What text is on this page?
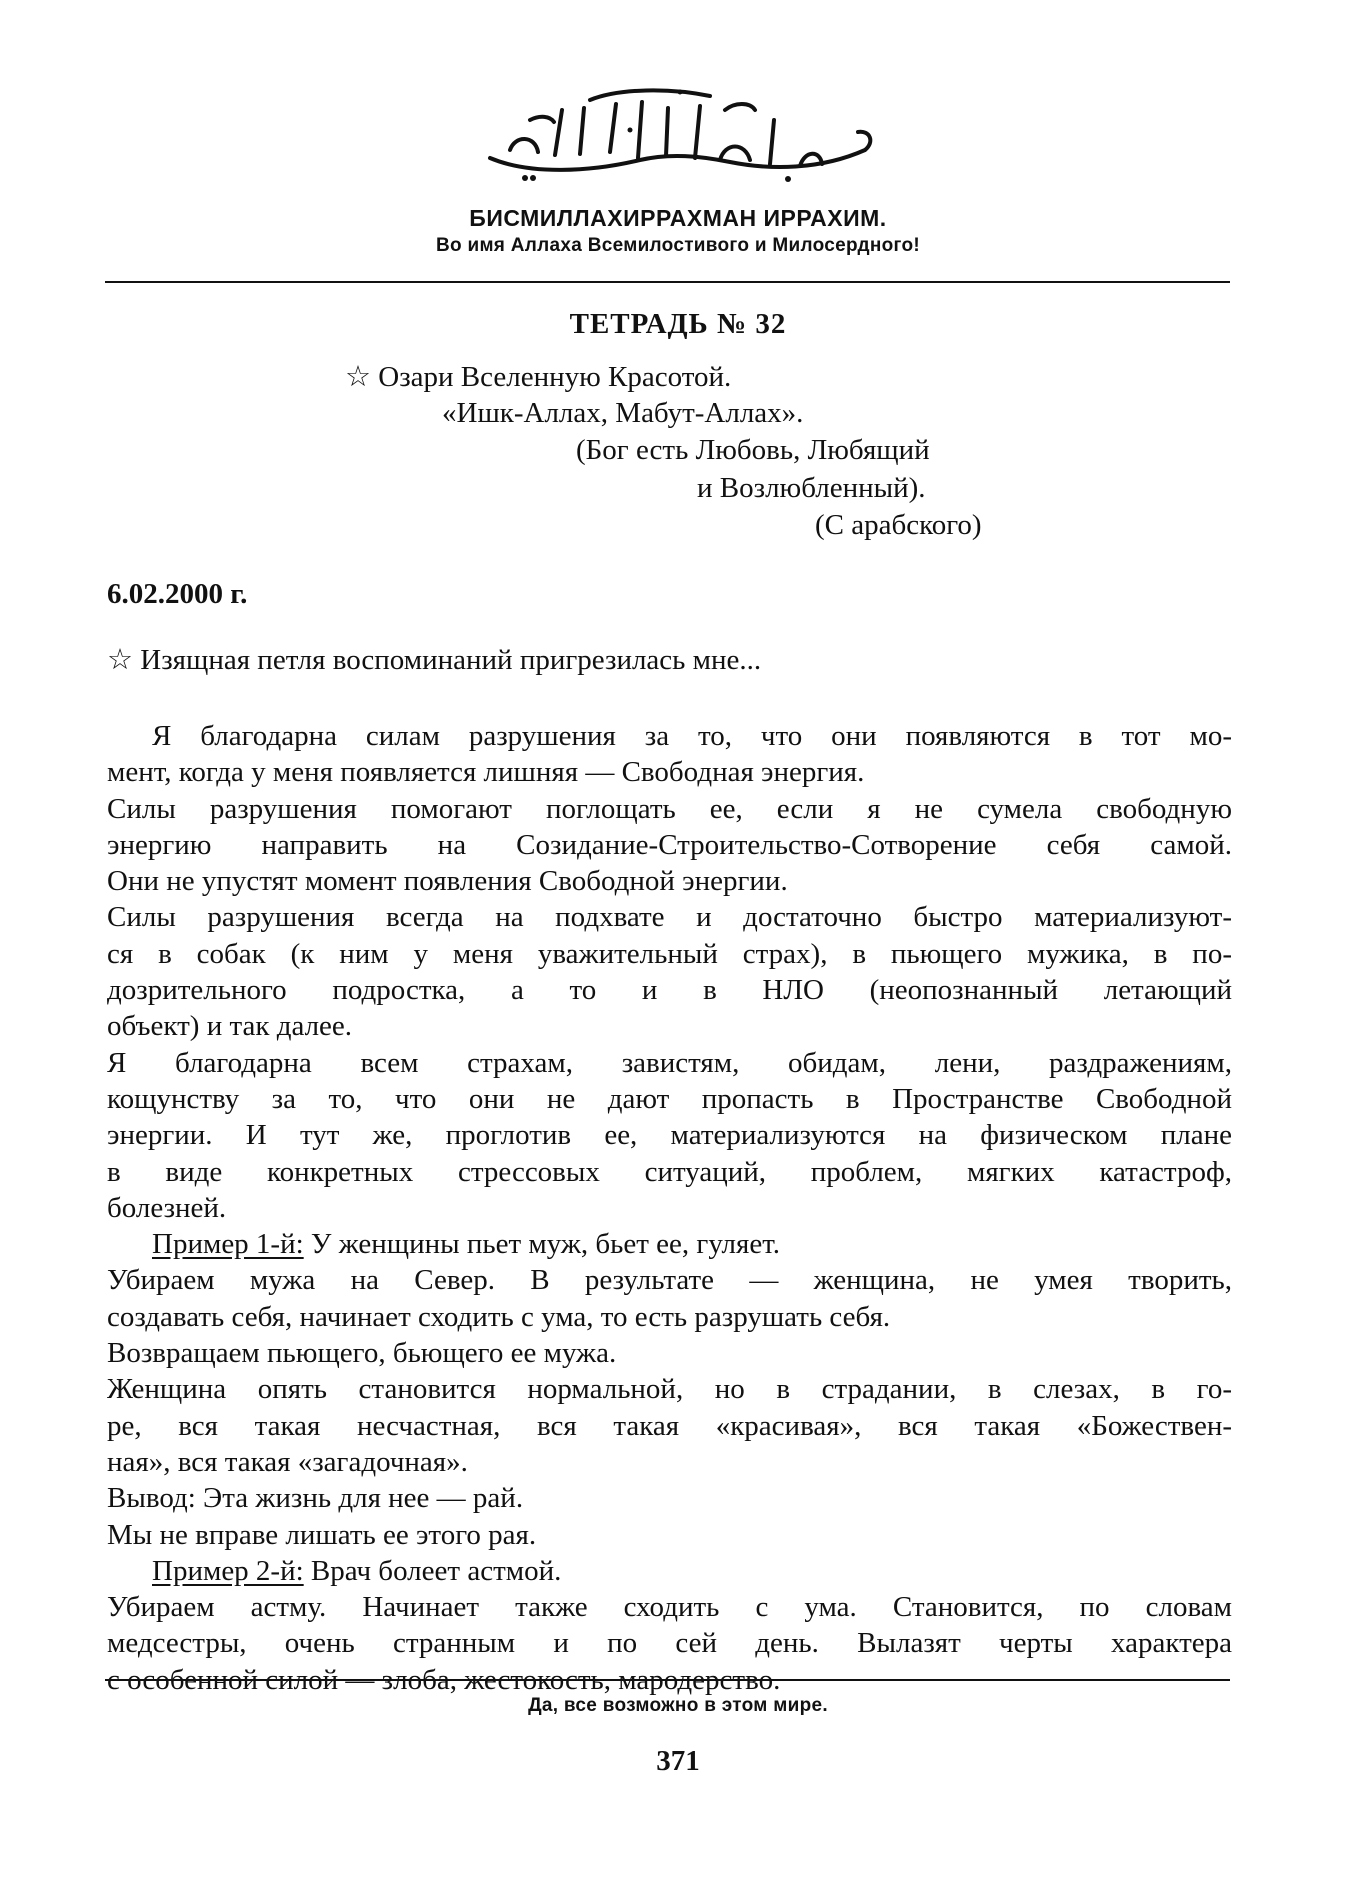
БИСМИЛЛАХИРРАХМАН ИРРАХИМ.
Во имя Аллаха Всемилостивого и Милосердного!
ТЕТРАДЬ № 32
☆ Озари Вселенную Красотой.
«Ишк-Аллах, Мабут-Аллах».
(Бог есть Любовь, Любящий
и Возлюбленный).
(С арабского)
6.02.2000 г.
☆ Изящная петля воспоминаний пригрезилась мне...
Я благодарна силам разрушения за то, что они появляются в тот мо-
мент, когда у меня появляется лишняя — Свободная энергия.
Силы разрушения помогают поглощать ее, если я не сумела свободную
энергию направить на Созидание-Строительство-Сотворение себя самой.
Они не упустят момент появления Свободной энергии.
Силы разрушения всегда на подхвате и достаточно быстро материализуют-
ся в собак (к ним у меня уважительный страх), в пьющего мужика, в по-
дозрительного подростка, а то и в НЛО (неопознанный летающий
объект) и так далее.
Я благодарна всем страхам, завистям, обидам, лени, раздражениям,
кощунству за то, что они не дают пропасть в Пространстве Свободной
энергии. И тут же, проглотив ее, материализуются на физическом плане
в виде конкретных стрессовых ситуаций, проблем, мягких катастроф,
болезней.
Пример 1-й: У женщины пьет муж, бьет ее, гуляет.
Убираем мужа на Север. В результате — женщина, не умея творить,
создавать себя, начинает сходить с ума, то есть разрушать себя.
Возвращаем пьющего, бьющего ее мужа.
Женщина опять становится нормальной, но в страдании, в слезах, в го-
ре, вся такая несчастная, вся такая «красивая», вся такая «Божествен-
ная», вся такая «загадочная».
Вывод: Эта жизнь для нее — рай.
Мы не вправе лишать ее этого рая.
Пример 2-й: Врач болеет астмой.
Убираем астму. Начинает также сходить с ума. Становится, по словам
медсестры, очень странным и по сей день. Вылазят черты характера
с особенной силой — злоба, жестокость, мародерство.
Да, все возможно в этом мире.
371
